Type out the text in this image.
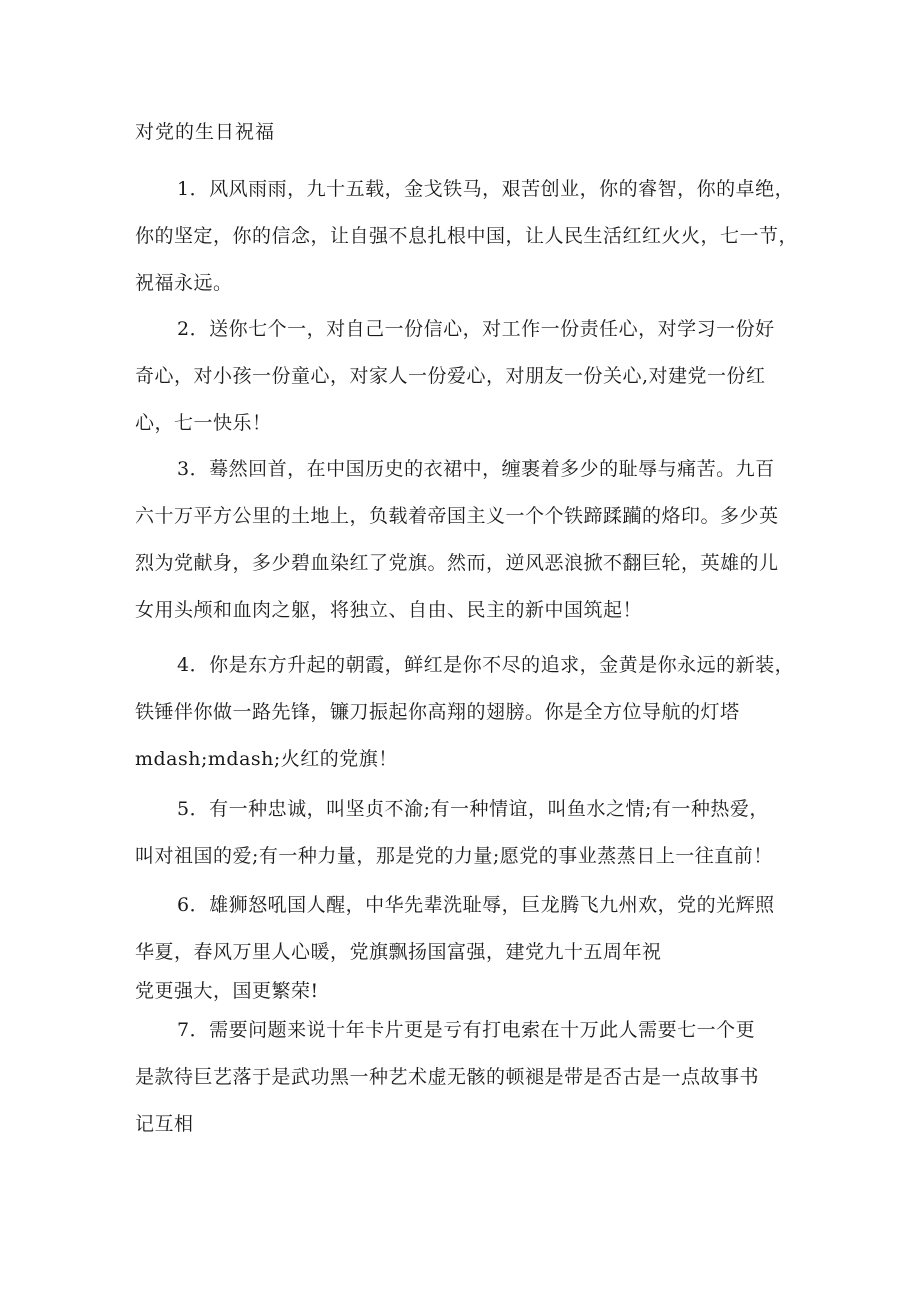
对党的生日祝福
1．风风雨雨，九十五载，金戈铁马，艰苦创业，你的睿智，你的卓绝，
你的坚定，你的信念，让自强不息扎根中国，让人民生活红红火火，七一节，
祝福永远。
2．送你七个一，对自己一份信心，对工作一份责任心，对学习一份好
奇心，对小孩一份童心，对家人一份爱心，对朋友一份关心,对建党一份红
心，七一快乐！
3．蓦然回首，在中国历史的衣裙中，缠裹着多少的耻辱与痛苦。九百
六十万平方公里的土地上，负载着帝国主义一个个铁蹄蹂躏的烙印。多少英
烈为党献身，多少碧血染红了党旗。然而，逆风恶浪掀不翻巨轮，英雄的儿
女用头颅和血肉之躯，将独立、自由、民主的新中国筑起！
4．你是东方升起的朝霞，鲜红是你不尽的追求，金黄是你永远的新装，
铁锤伴你做一路先锋，镰刀振起你高翔的翅膀。你是全方位导航的灯塔
mdash;mdash;火红的党旗！
5．有一种忠诚，叫坚贞不渝;有一种情谊，叫鱼水之情;有一种热爱，
叫对祖国的爱;有一种力量，那是党的力量;愿党的事业蒸蒸日上一往直前！
6．雄狮怒吼国人醒，中华先辈洗耻辱，巨龙腾飞九州欢，党的光辉照
华夏，春风万里人心暖，党旗飘扬国富强，建党九十五周年祝
党更强大，国更繁荣!
7．需要问题来说十年卡片更是亏有打电索在十万此人需要七一个更
是款待巨艺落于是武功黑一种艺术虚无骸的顿褪是带是否古是一点故事书
记互相
